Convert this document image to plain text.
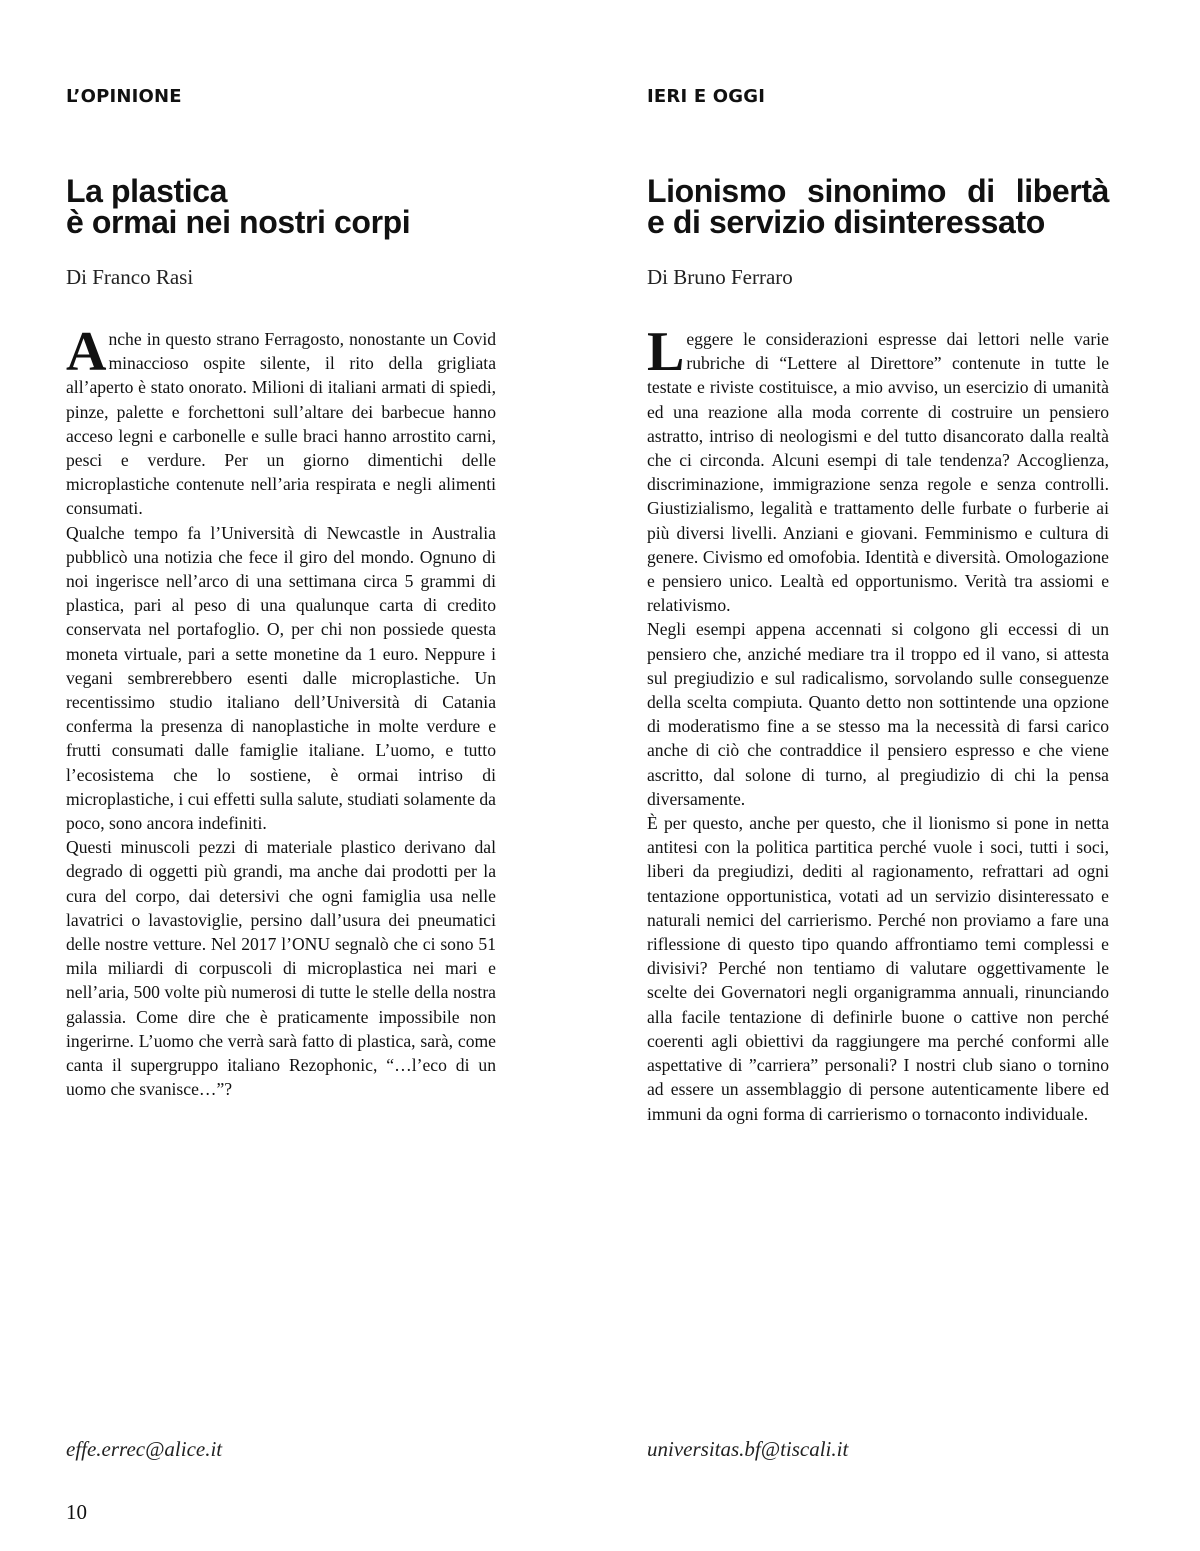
L’OPINIONE
La plastica
è ormai nei nostri corpi
Di Franco Rasi

Anche in questo strano Ferragosto, nonostante un Covid minaccioso ospite silente, il rito della grigliata all’aperto è stato onorato. Milioni di italiani armati di spiedi, pinze, palette e forchettoni sull’altare dei barbecue hanno acceso legni e carbonelle e sulle braci hanno arrostito carni, pesci e verdure. Per un giorno dimentichi delle microplastiche contenute nell’aria respirata e negli alimenti consumati.

Qualche tempo fa l’Università di Newcastle in Australia pubblicò una notizia che fece il giro del mondo. Ognuno di noi ingerisce nell’arco di una settimana circa 5 grammi di plastica, pari al peso di una qualunque carta di credito conservata nel portafoglio. O, per chi non possiede questa moneta virtuale, pari a sette monetine da 1 euro. Neppure i vegani sembrerebbero esenti dalle microplastiche. Un recentissimo studio italiano dell’Università di Catania conferma la presenza di nanoplastiche in molte verdure e frutti consumati dalle famiglie italiane. L’uomo, e tutto l’ecosistema che lo sostiene, è ormai intriso di microplastiche, i cui effetti sulla salute, studiati solamente da poco, sono ancora indefiniti.

Questi minuscoli pezzi di materiale plastico derivano dal degrado di oggetti più grandi, ma anche dai prodotti per la cura del corpo, dai detersivi che ogni famiglia usa nelle lavatrici o lavastoviglie, persino dall’usura dei pneumatici delle nostre vetture. Nel 2017 l’ONU segnalò che ci sono 51 mila miliardi di corpuscoli di microplastica nei mari e nell’aria, 500 volte più numerosi di tutte le stelle della nostra galassia. Come dire che è praticamente impossibile non ingerirne. L’uomo che verrà sarà fatto di plastica, sarà, come canta il supergruppo italiano Rezophonic, “…l’eco di un uomo che svanisce…”?

effe.errec@alice.it
IERI E OGGI
Lionismo sinonimo di libertà
e di servizio disinteressato
Di Bruno Ferraro

Leggere le considerazioni espresse dai lettori nelle varie rubriche di “Lettere al Direttore” contenute in tutte le testate e riviste costituisce, a mio avviso, un esercizio di umanità ed una reazione alla moda corrente di costruire un pensiero astratto, intriso di neologismi e del tutto disancorato dalla realtà che ci circonda. Alcuni esempi di tale tendenza? Accoglienza, discriminazione, immigrazione senza regole e senza controlli. Giustizialismo, legalità e trattamento delle furbate o furberie ai più diversi livelli. Anziani e giovani. Femminismo e cultura di genere. Civismo ed omofobia. Identità e diversità. Omologazione e pensiero unico. Lealtà ed opportunismo. Verità tra assiomi e relativismo.

Negli esempi appena accennati si colgono gli eccessi di un pensiero che, anziché mediare tra il troppo ed il vano, si attesta sul pregiudizio e sul radicalismo, sorvolando sulle conseguenze della scelta compiuta. Quanto detto non sottintende una opzione di moderatismo fine a se stesso ma la necessità di farsi carico anche di ciò che contraddice il pensiero espresso e che viene ascritto, dal solone di turno, al pregiudizio di chi la pensa diversamente.

È per questo, anche per questo, che il lionismo si pone in netta antitesi con la politica partitica perché vuole i soci, tutti i soci, liberi da pregiudizi, dediti al ragionamento, refrattari ad ogni tentazione opportunistica, votati ad un servizio disinteressato e naturali nemici del carrierismo. Perché non proviamo a fare una riflessione di questo tipo quando affrontiamo temi complessi e divisivi? Perché non tentiamo di valutare oggettivamente le scelte dei Governatori negli organigramma annuali, rinunciando alla facile tentazione di definirle buone o cattive non perché coerenti agli obiettivi da raggiungere ma perché conformi alle aspettative di ”carriera” personali? I nostri club siano o tornino ad essere un assemblaggio di persone autenticamente libere ed immuni da ogni forma di carrierismo o tornaconto individuale.

universitas.bf@tiscali.it
10
